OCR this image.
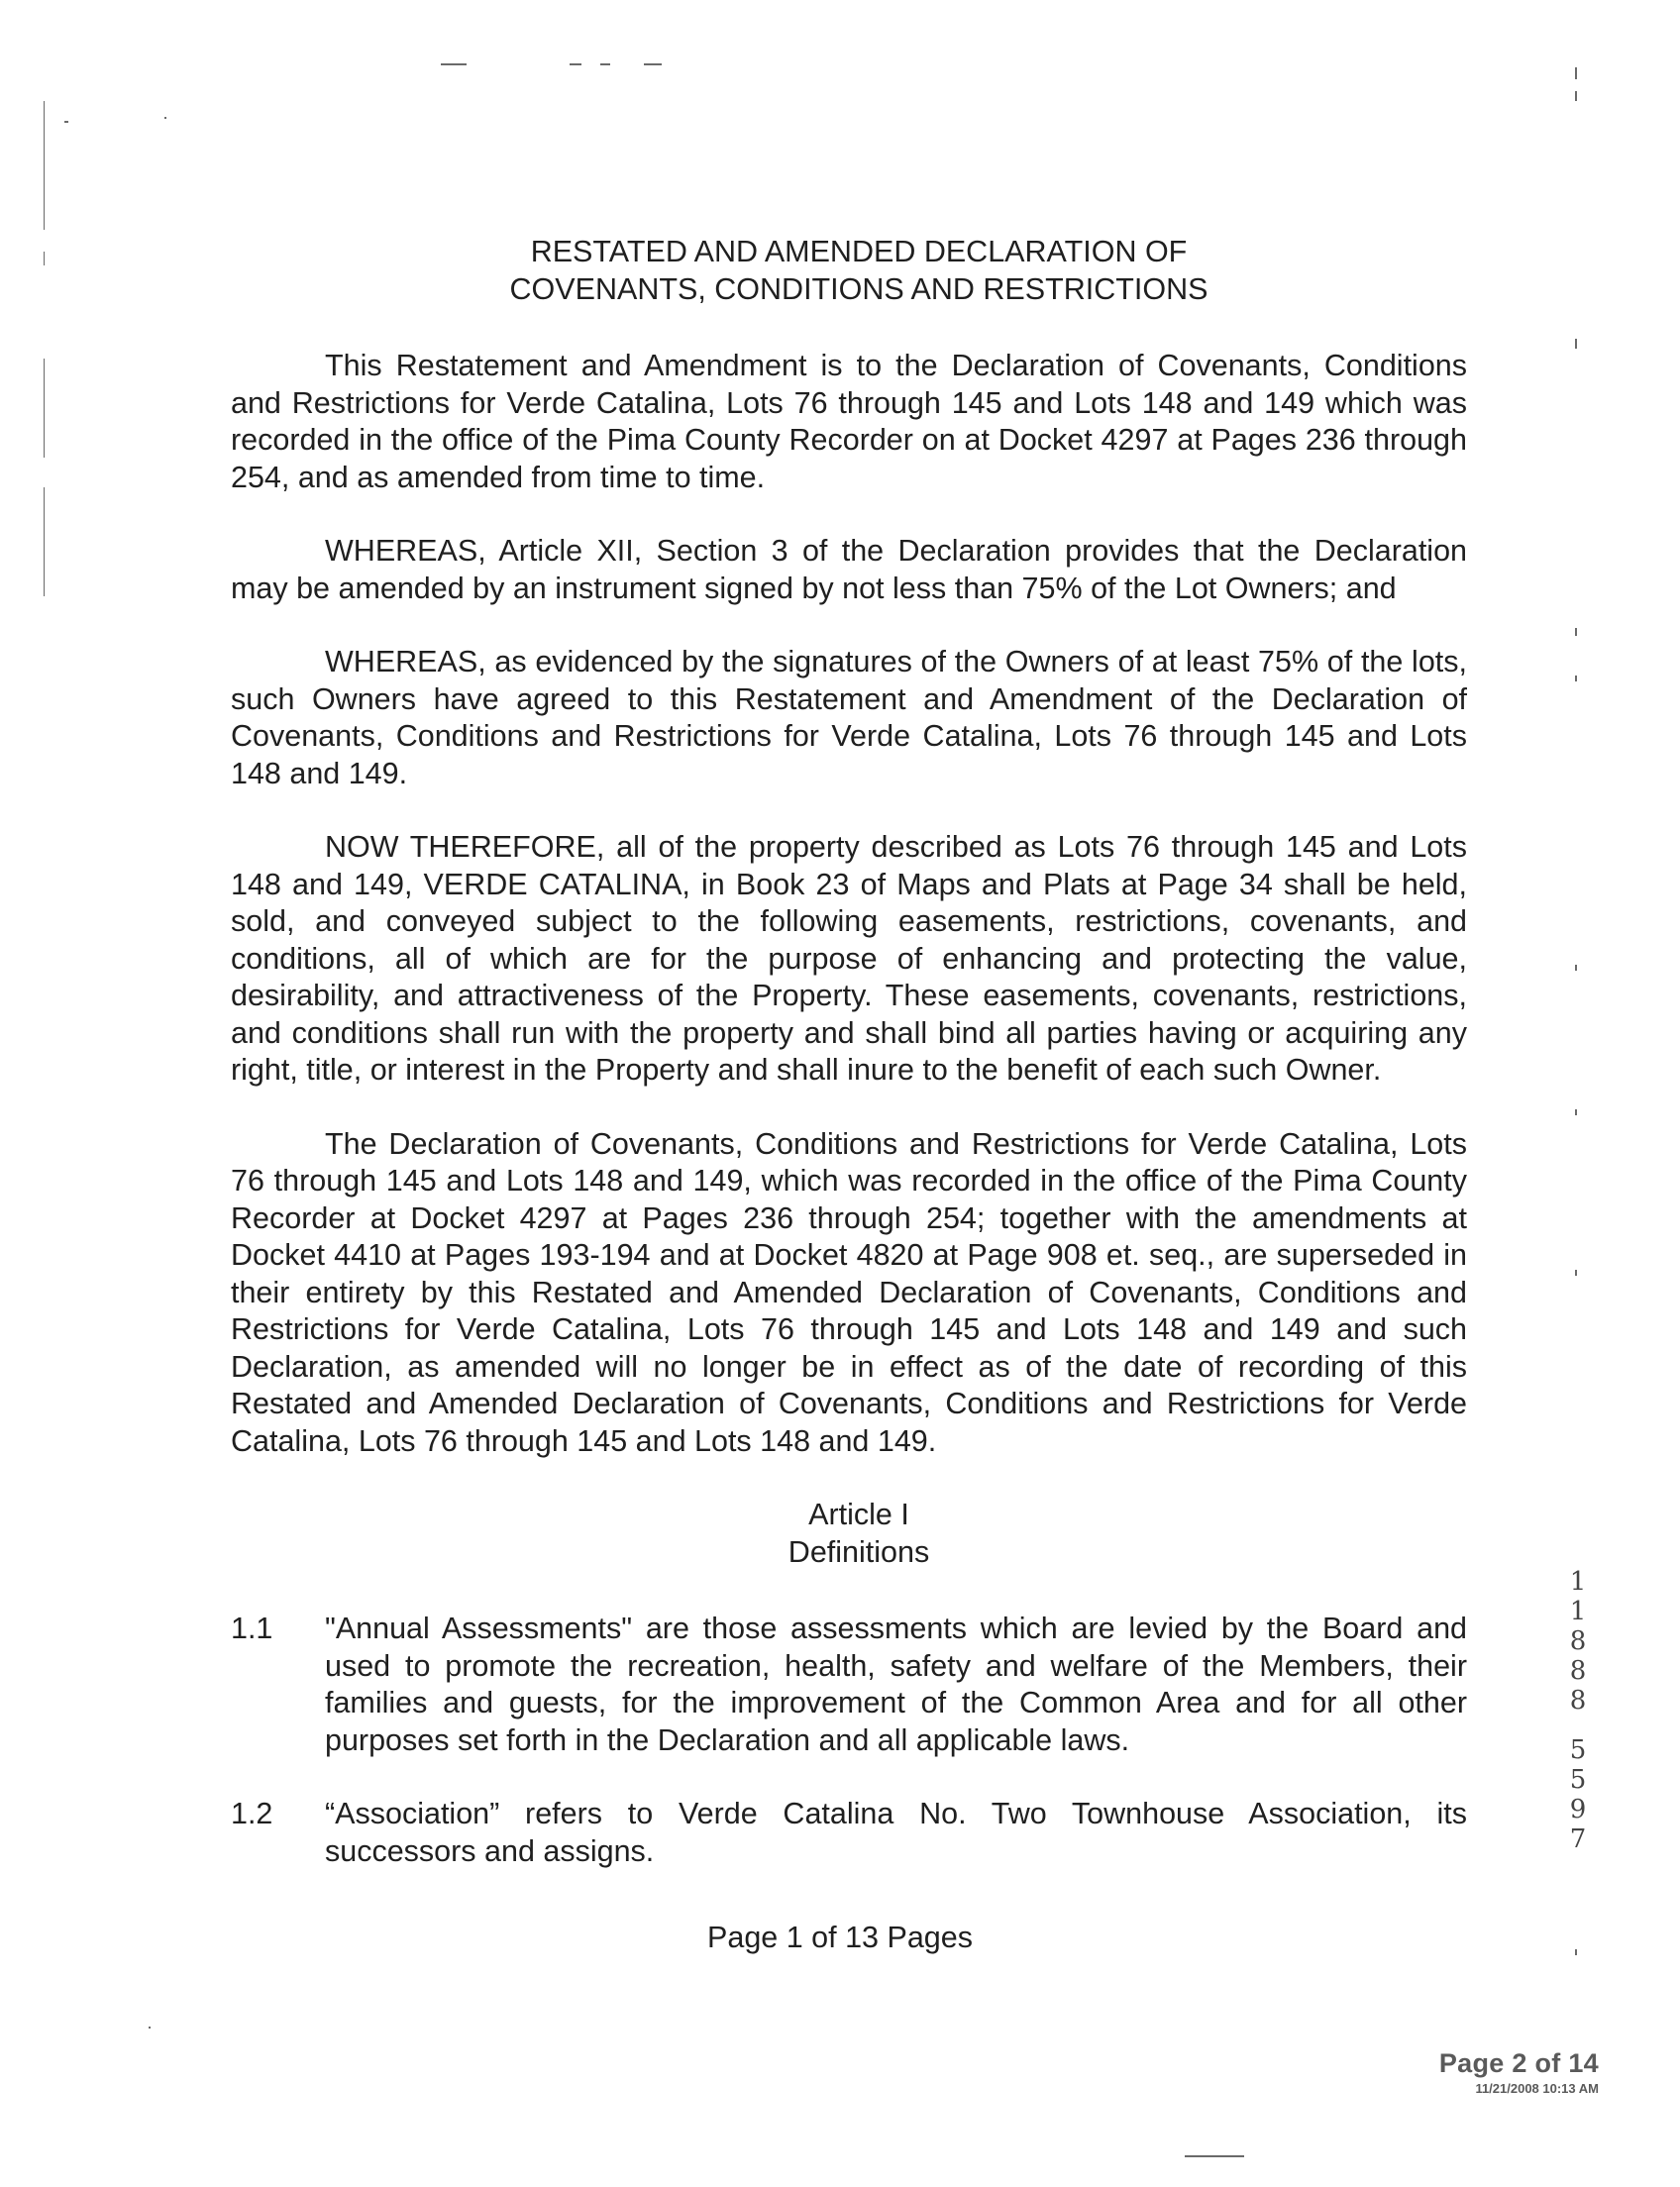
RESTATED AND AMENDED DECLARATION OF
COVENANTS, CONDITIONS AND RESTRICTIONS

This Restatement and Amendment is to the Declaration of Covenants, Conditions and Restrictions for Verde Catalina, Lots 76 through 145 and Lots 148 and 149 which was recorded in the office of the Pima County Recorder on at Docket 4297 at Pages 236 through 254, and as amended from time to time.

WHEREAS, Article XII, Section 3 of the Declaration provides that the Declaration may be amended by an instrument signed by not less than 75% of the Lot Owners; and

WHEREAS, as evidenced by the signatures of the Owners of at least 75% of the lots, such Owners have agreed to this Restatement and Amendment of the Declaration of Covenants, Conditions and Restrictions for Verde Catalina, Lots 76 through 145 and Lots 148 and 149.

NOW THEREFORE, all of the property described as Lots 76 through 145 and Lots 148 and 149, VERDE CATALINA, in Book 23 of Maps and Plats at Page 34 shall be held, sold, and conveyed subject to the following easements, restrictions, covenants, and conditions, all of which are for the purpose of enhancing and protecting the value, desirability, and attractiveness of the Property. These easements, covenants, restrictions, and conditions shall run with the property and shall bind all parties having or acquiring any right, title, or interest in the Property and shall inure to the benefit of each such Owner.

The Declaration of Covenants, Conditions and Restrictions for Verde Catalina, Lots 76 through 145 and Lots 148 and 149, which was recorded in the office of the Pima County Recorder at Docket 4297 at Pages 236 through 254; together with the amendments at Docket 4410 at Pages 193-194 and at Docket 4820 at Page 908 et. seq., are superseded in their entirety by this Restated and Amended Declaration of Covenants, Conditions and Restrictions for Verde Catalina, Lots 76 through 145 and Lots 148 and 149 and such Declaration, as amended will no longer be in effect as of the date of recording of this Restated and Amended Declaration of Covenants, Conditions and Restrictions for Verde Catalina, Lots 76 through 145 and Lots 148 and 149.

Article I
Definitions
1.1 "Annual Assessments" are those assessments which are levied by the Board and used to promote the recreation, health, safety and welfare of the Members, their families and guests, for the improvement of the Common Area and for all other purposes set forth in the Declaration and all applicable laws.
1.2 “Association” refers to Verde Catalina No. Two Townhouse Association, its successors and assigns.
1
1
8
8
8
5
5
9
7
Page 1 of 13 Pages
Page 2 of 14
11/21/2008 10:13 AM
